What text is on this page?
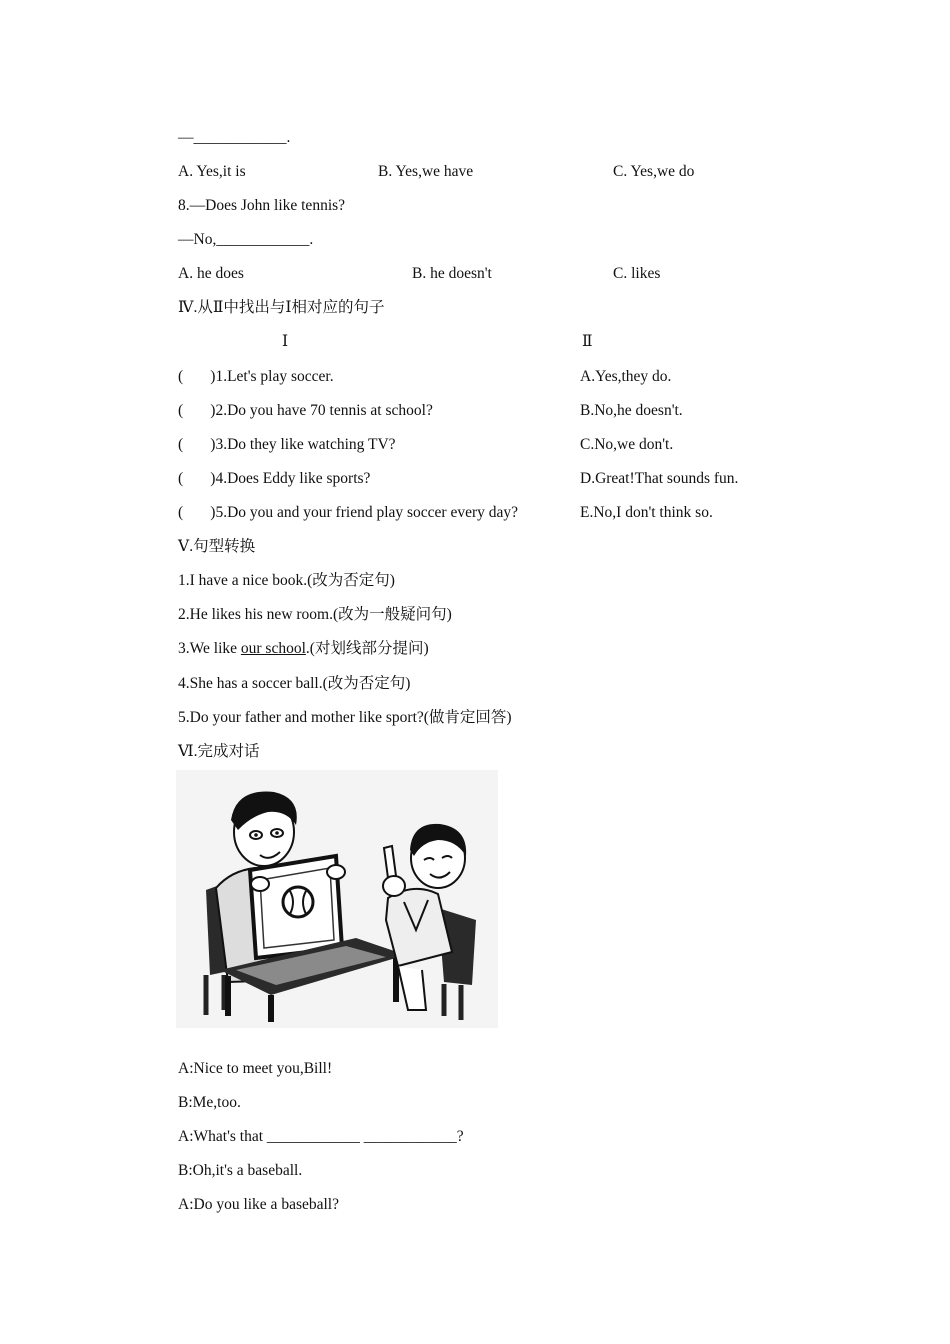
—____________.
A. Yes,it is	B. Yes,we have	C. Yes,we do
8.—Does John like tennis?
—No,____________.
A. he does	B. he doesn't	C. likes
Ⅳ.从Ⅱ中找出与Ⅰ相对应的句子
Ⅰ	Ⅱ
(       )1.Let's play soccer.	A.Yes,they do.
(       )2.Do you have 70 tennis at school?	B.No,he doesn't.
(       )3.Do they like watching TV?	C.No,we don't.
(       )4.Does Eddy like sports?	D.Great!That sounds fun.
(       )5.Do you and your friend play soccer every day?	E.No,I don't think so.
Ⅴ.句型转换
1.I have a nice book.(改为否定句)
2.He likes his new room.(改为一般疑问句)
3.We like our school.(对划线部分提问)
4.She has a soccer ball.(改为否定句)
5.Do your father and mother like sport?(做肯定回答)
Ⅵ.完成对话
A:Nice to meet you,Bill!
B:Me,too.
A:What's that ____________ ____________?
B:Oh,it's a baseball.
A:Do you like a baseball?
